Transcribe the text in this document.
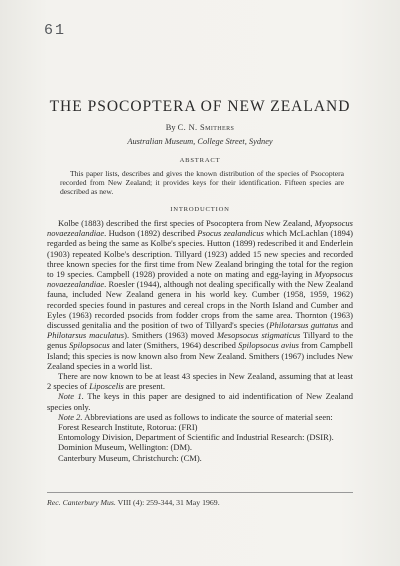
61
THE PSOCOPTERA OF NEW ZEALAND
By C. N. Smithers
Australian Museum, College Street, Sydney
ABSTRACT
This paper lists, describes and gives the known distribution of the species of Psocoptera recorded from New Zealand; it provides keys for their identification. Fifteen species are described as new.
INTRODUCTION

Kolbe (1883) described the first species of Psocoptera from New Zealand, Myopsocus novaezealandiae. Hudson (1892) described Psocus zealandicus which McLachlan (1894) regarded as being the same as Kolbe's species. Hutton (1899) redescribed it and Enderlein (1903) repeated Kolbe's description. Tillyard (1923) added 15 new species and recorded three known species for the first time from New Zealand bringing the total for the region to 19 species. Campbell (1928) provided a note on mating and egg-laying in Myopsocus novaezealandiae. Roesler (1944), although not dealing specifically with the New Zealand fauna, included New Zealand genera in his world key. Cumber (1958, 1959, 1962) recorded species found in pastures and cereal crops in the North Island and Cumber and Eyles (1963) recorded psocids from fodder crops from the same area. Thornton (1963) discussed genitalia and the position of two of Tillyard's species (Philotarsus guttatus and Philotarsus maculatus). Smithers (1963) moved Mesopsocus stigmaticus Tillyard to the genus Spilopsocus and later (Smithers, 1964) described Spilopsocus avius from Campbell Island; this species is now known also from New Zealand. Smithers (1967) includes New Zealand species in a world list.

There are now known to be at least 43 species in New Zealand, assuming that at least 2 species of Liposcelis are present.

Note 1. The keys in this paper are designed to aid indentification of New Zealand species only.

Note 2. Abbreviations are used as follows to indicate the source of material seen:

Forest Research Institute, Rotorua: (FRI)

Entomology Division, Department of Scientific and Industrial Research: (DSIR).

Dominion Museum, Wellington: (DM).

Canterbury Museum, Christchurch: (CM).

Rec. Canterbury Mus. VIII (4): 259-344, 31 May 1969.
